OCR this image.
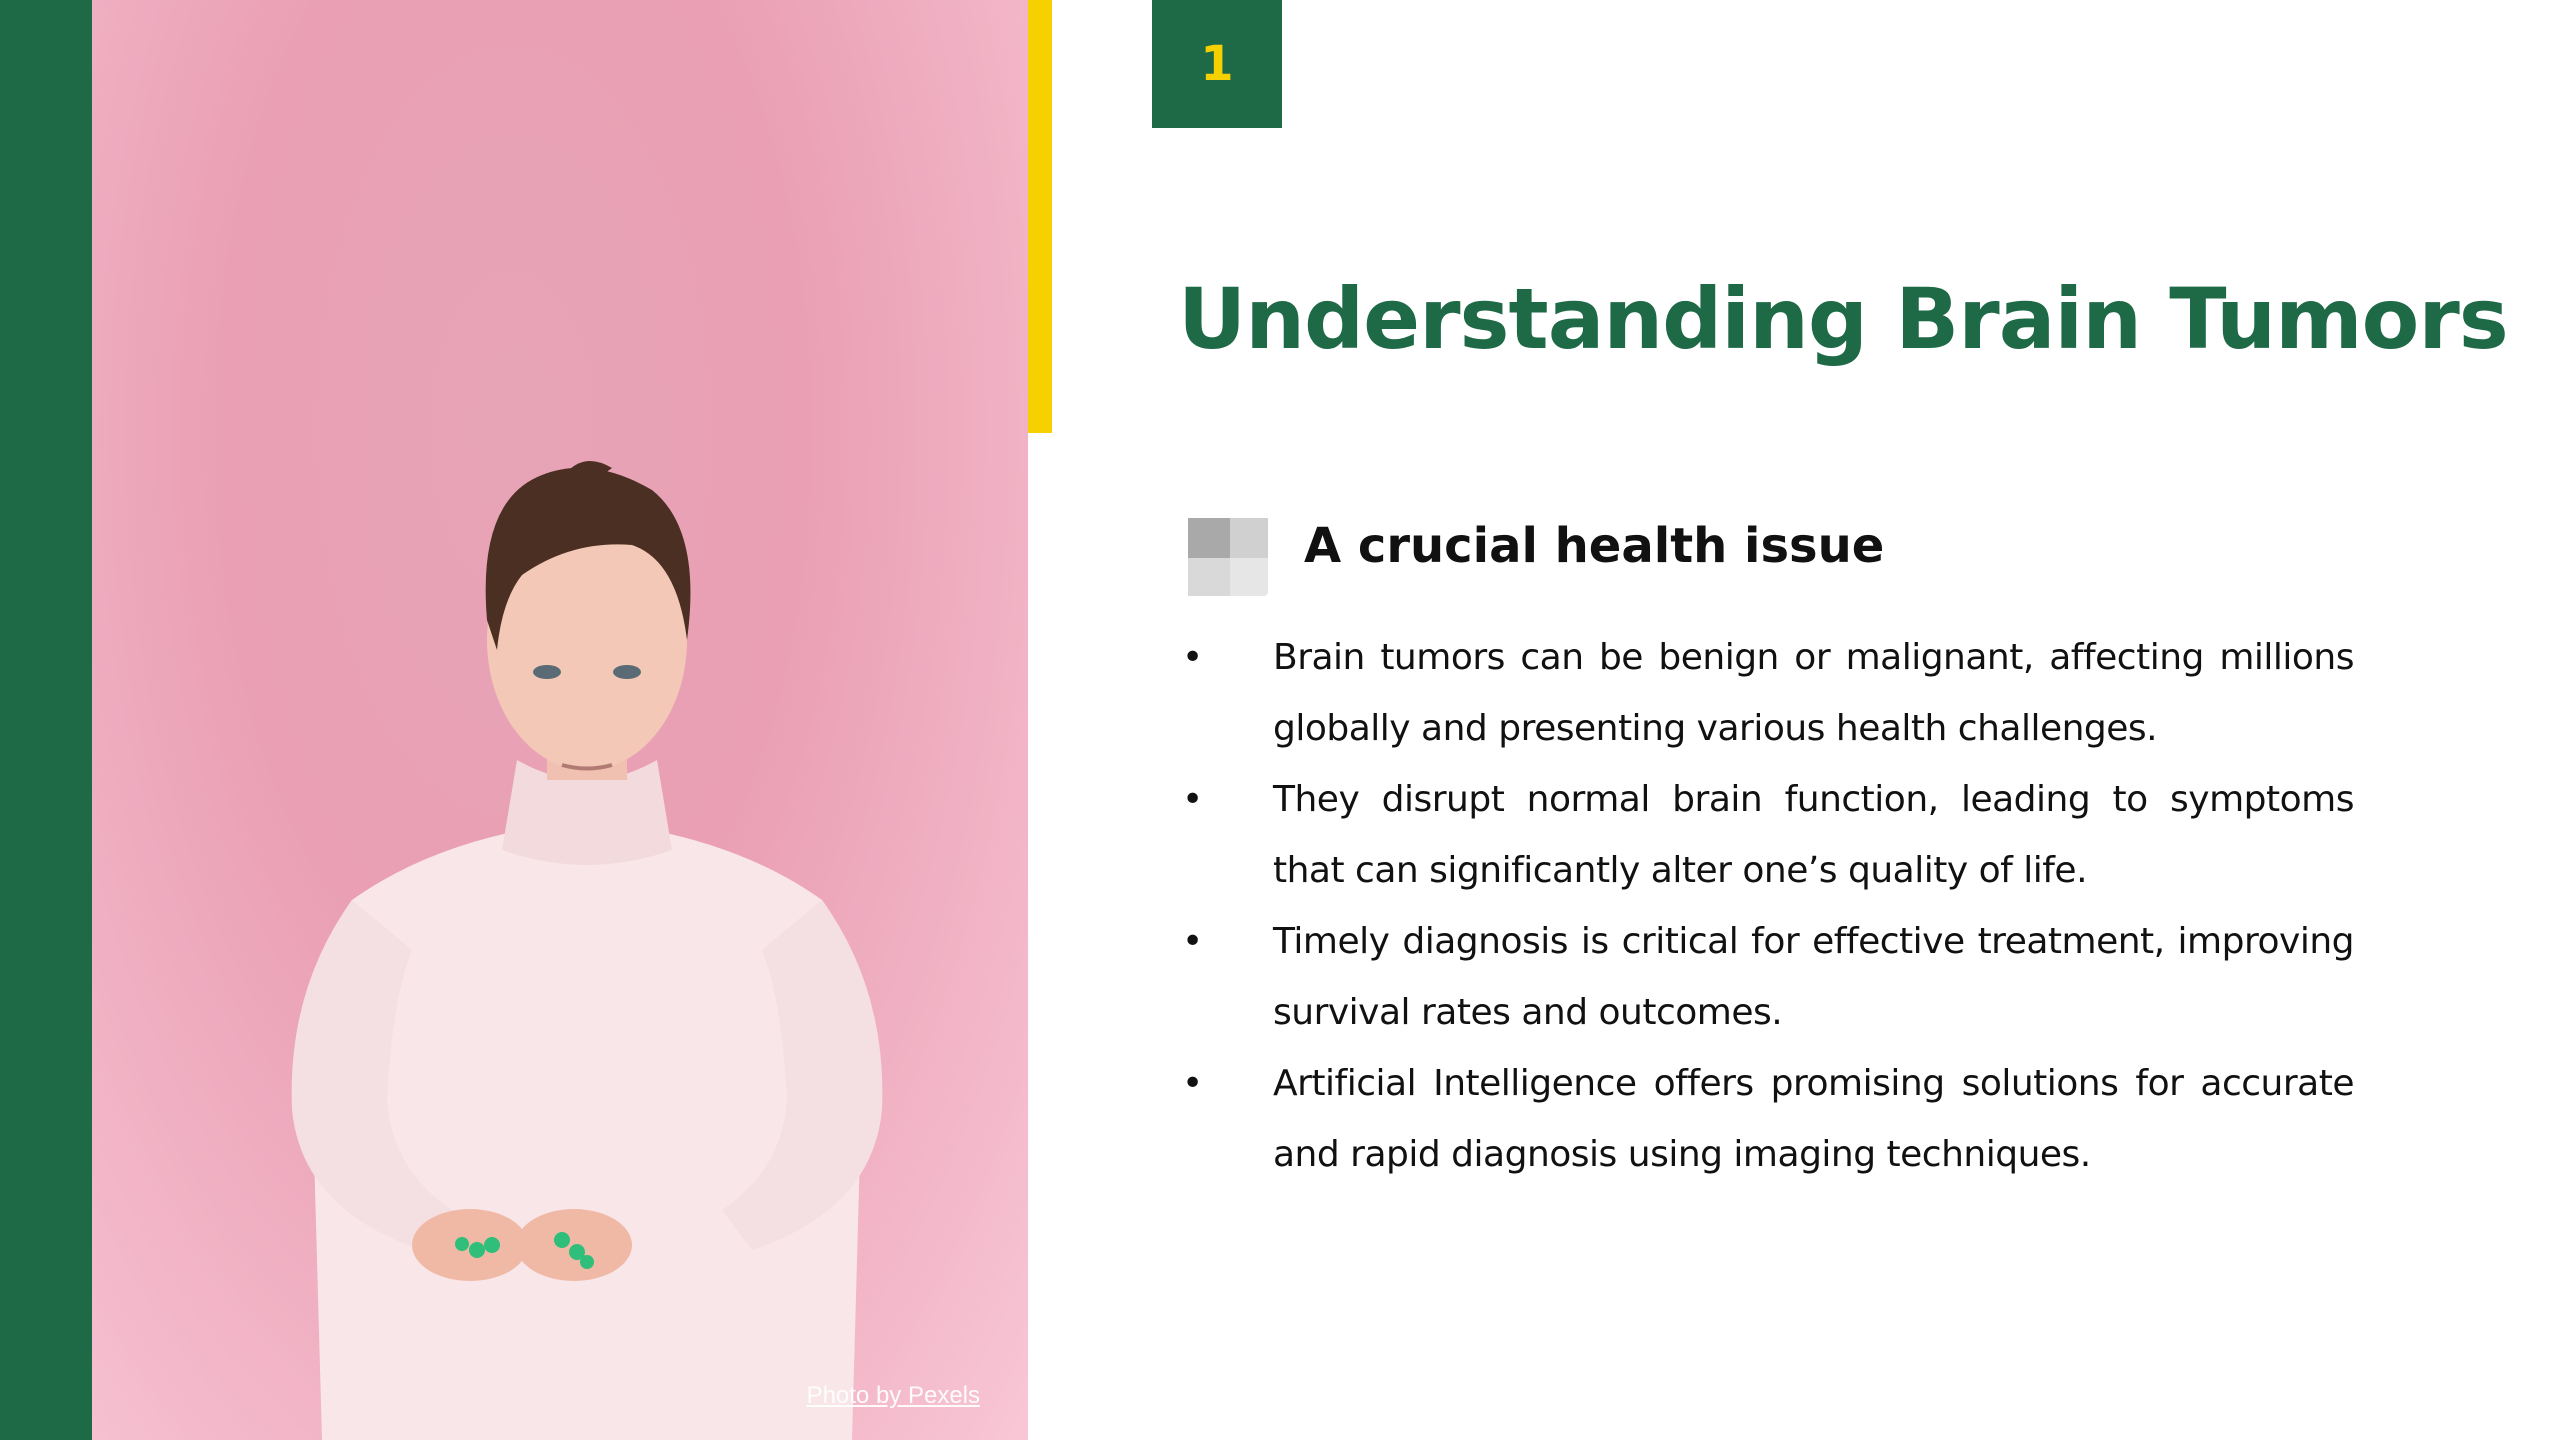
Photo by Pexels
1
Understanding Brain Tumors
A crucial health issue
• Brain tumors can be benign or malignant, affecting millions globally and presenting various health challenges.
• They disrupt normal brain function, leading to symptoms that can significantly alter one’s quality of life.
• Timely diagnosis is critical for effective treatment, improving survival rates and outcomes.
• Artificial Intelligence offers promising solutions for accurate and rapid diagnosis using imaging techniques.
